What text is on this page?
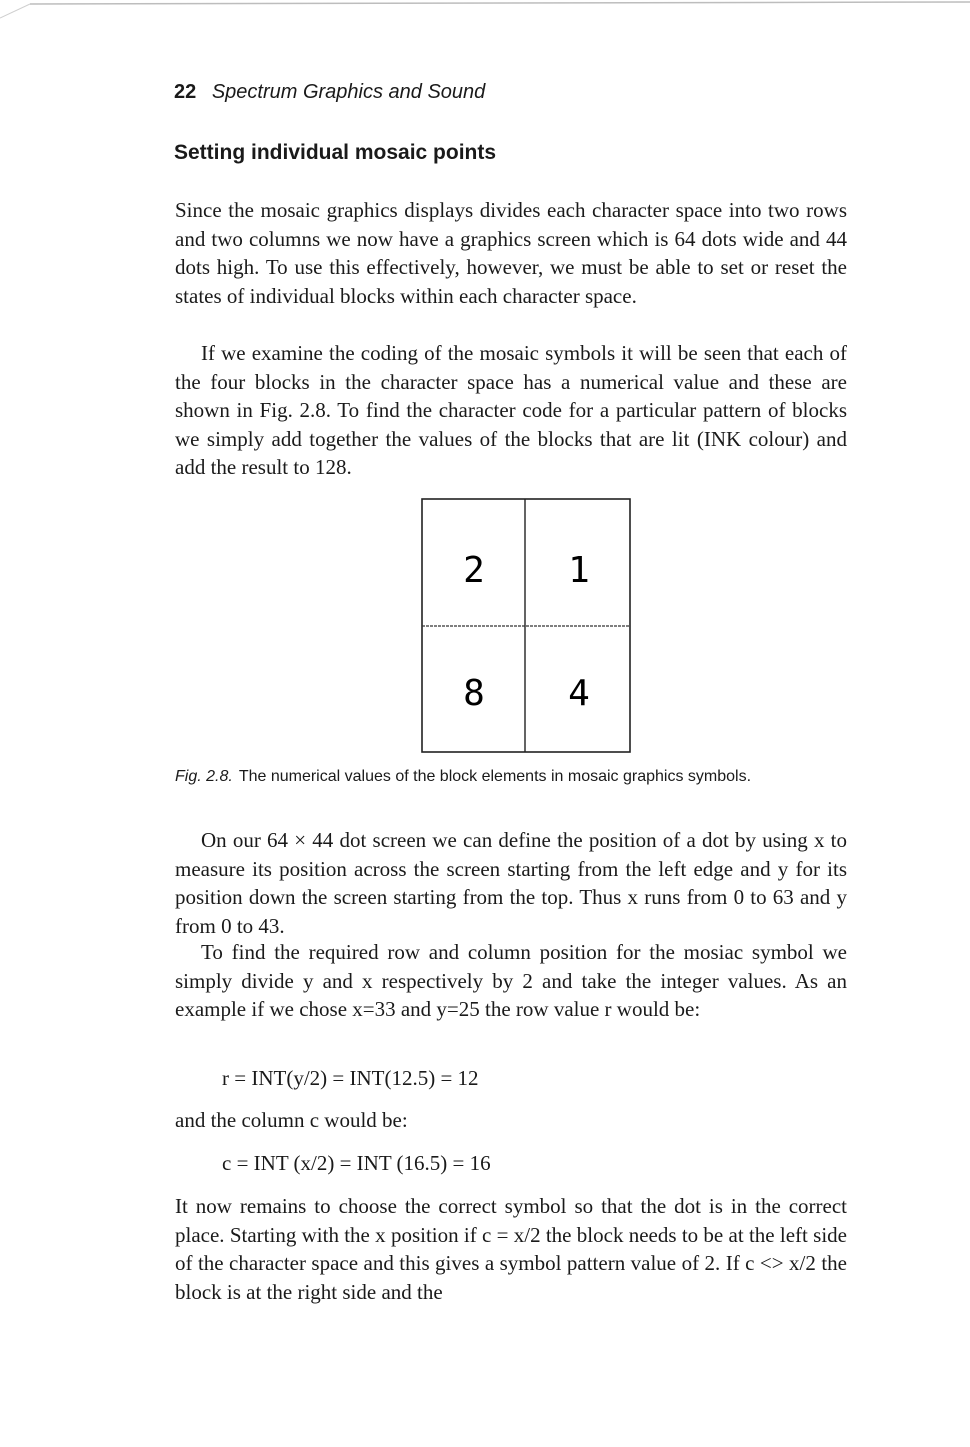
22 Spectrum Graphics and Sound
Setting individual mosaic points

Since the mosaic graphics displays divides each character space into two rows and two columns we now have a graphics screen which is 64 dots wide and 44 dots high. To use this effectively, however, we must be able to set or reset the states of individual blocks within each character space.

If we examine the coding of the mosaic symbols it will be seen that each of the four blocks in the character space has a numerical value and these are shown in Fig. 2.8. To find the character code for a particular pattern of blocks we simply add together the values of the blocks that are lit (INK colour) and add the result to 128.

2 1
8 4

Fig. 2.8. The numerical values of the block elements in mosaic graphics symbols.

On our 64 × 44 dot screen we can define the position of a dot by using x to measure its position across the screen starting from the left edge and y for its position down the screen starting from the top. Thus x runs from 0 to 63 and y from 0 to 43.

To find the required row and column position for the mosiac symbol we simply divide y and x respectively by 2 and take the integer values. As an example if we chose x=33 and y=25 the row value r would be:

r = INT(y/2) = INT(12.5) = 12

and the column c would be:

c = INT (x/2) = INT (16.5) = 16

It now remains to choose the correct symbol so that the dot is in the correct place. Starting with the x position if c = x/2 the block needs to be at the left side of the character space and this gives a symbol pattern value of 2. If c <> x/2 the block is at the right side and the
